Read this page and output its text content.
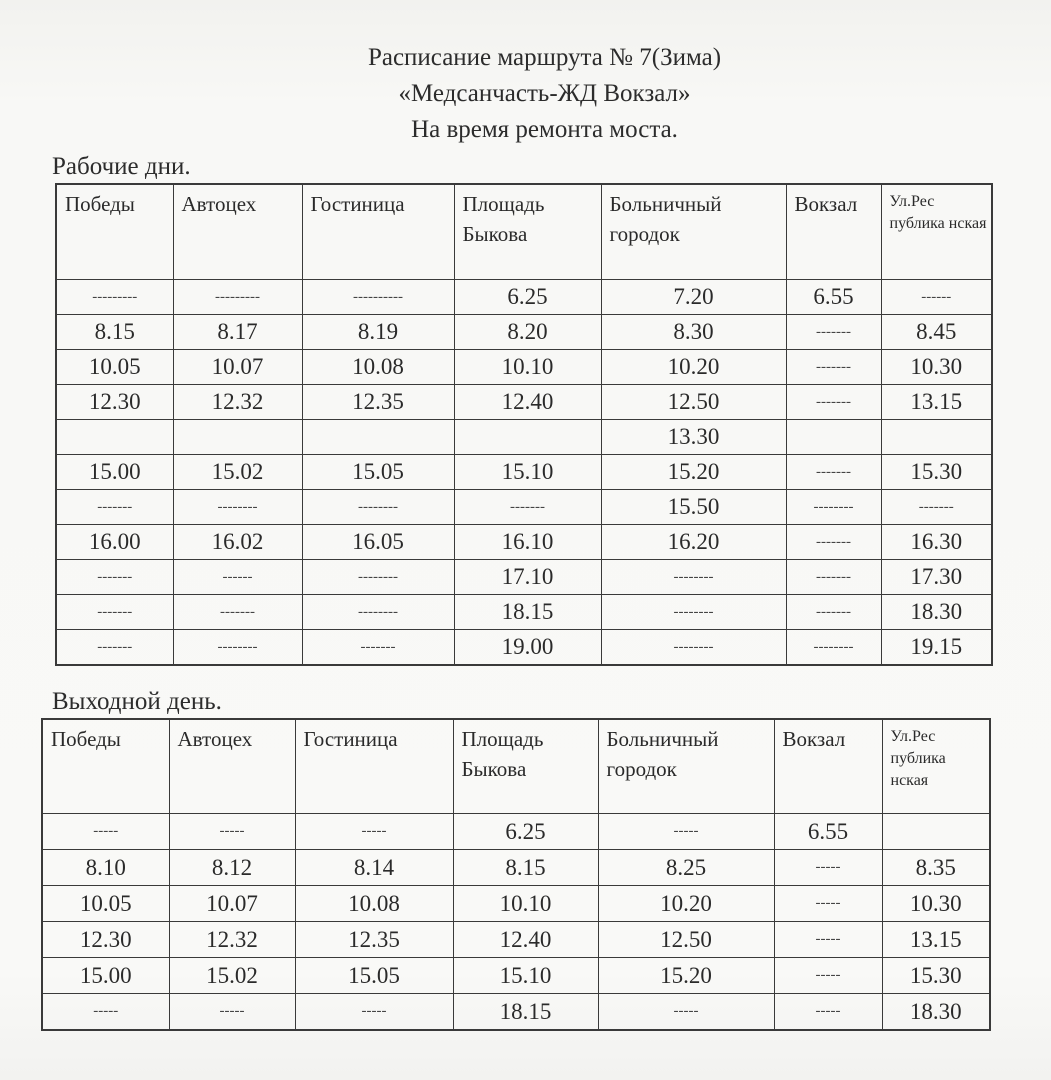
Расписание маршрута № 7(Зима)
«Медсанчасть-ЖД Вокзал»
На время ремонта моста.
Рабочие дни.
Победы	Автоцех	Гостиница	Площадь Быкова	Больничный городок	Вокзал	Ул.Рес публика нская
---------	---------	----------	6.25	7.20	6.55	------
8.15	8.17	8.19	8.20	8.30	-------	8.45
10.05	10.07	10.08	10.10	10.20	-------	10.30
12.30	12.32	12.35	12.40	12.50	-------	13.15
				13.30		
15.00	15.02	15.05	15.10	15.20	-------	15.30
-------	--------	--------	-------	15.50	--------	-------
16.00	16.02	16.05	16.10	16.20	-------	16.30
-------	------	--------	17.10	--------	-------	17.30
-------	-------	--------	18.15	--------	-------	18.30
-------	--------	-------	19.00	--------	--------	19.15
Выходной день.
Победы	Автоцех	Гостиница	Площадь Быкова	Больничный городок	Вокзал	Ул.Рес публика нская
-----	-----	-----	6.25	-----	6.55	
8.10	8.12	8.14	8.15	8.25	-----	8.35
10.05	10.07	10.08	10.10	10.20	-----	10.30
12.30	12.32	12.35	12.40	12.50	-----	13.15
15.00	15.02	15.05	15.10	15.20	-----	15.30
-----	-----	-----	18.15	-----	-----	18.30
